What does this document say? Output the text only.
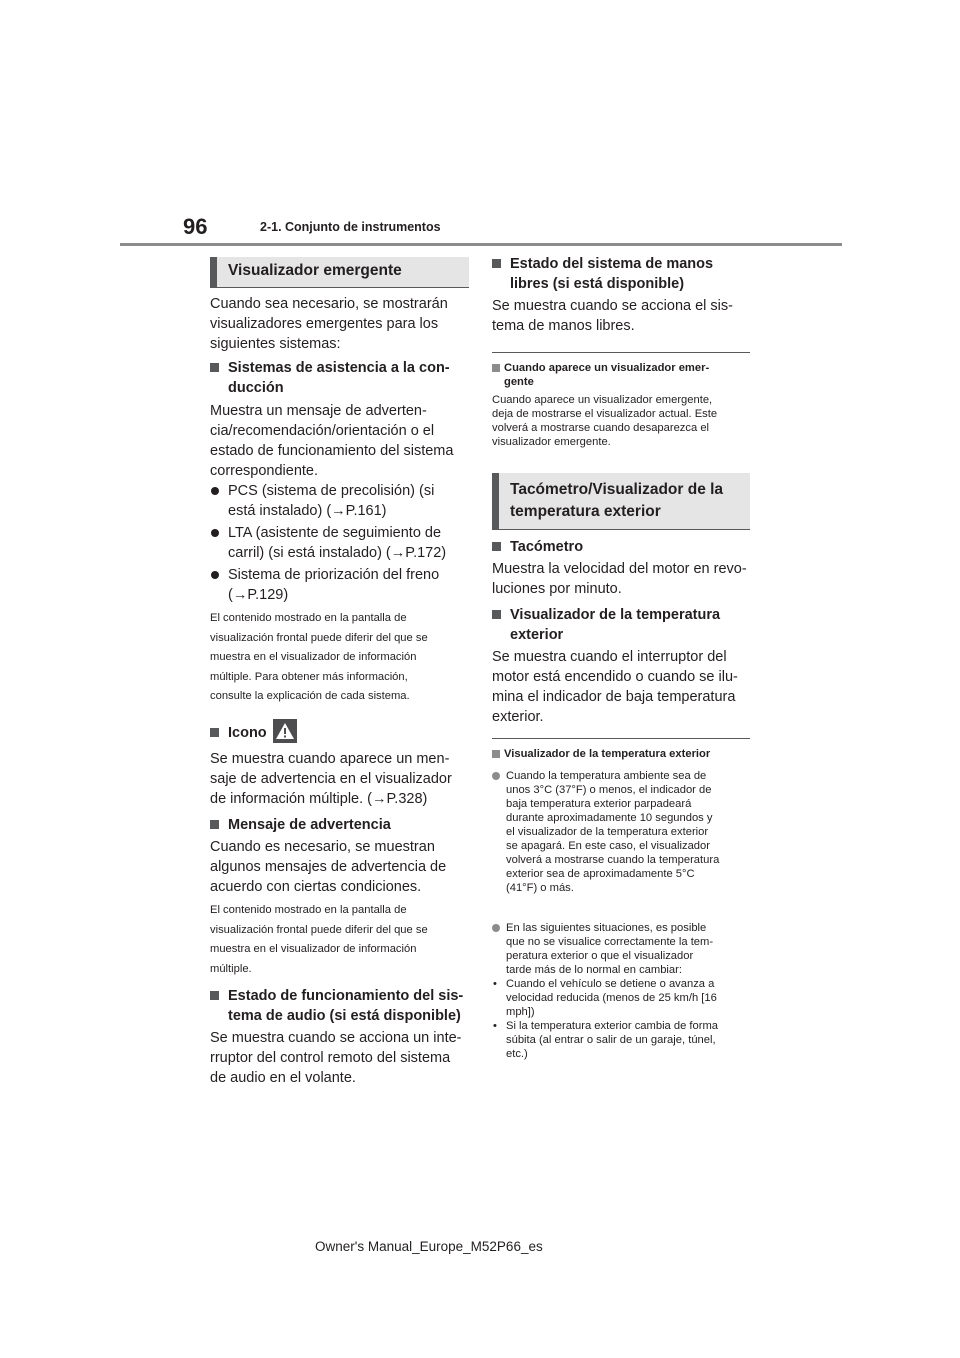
96	2-1. Conjunto de instrumentos
Visualizador emergente
Cuando sea necesario, se mostrarán
visualizadores emergentes para los
siguientes sistemas:
Sistemas de asistencia a la con-
ducción
Muestra un mensaje de adverten-
cia/recomendación/orientación o el
estado de funcionamiento del sistema
correspondiente.
PCS (sistema de precolisión) (si
está instalado) (→P.161)
LTA (asistente de seguimiento de
carril) (si está instalado) (→P.172)
Sistema de priorización del freno
(→P.129)
El contenido mostrado en la pantalla de
visualización frontal puede diferir del que se
muestra en el visualizador de información
múltiple. Para obtener más información,
consulte la explicación de cada sistema.
Icono
Se muestra cuando aparece un men-
saje de advertencia en el visualizador
de información múltiple. (→P.328)
Mensaje de advertencia
Cuando es necesario, se muestran
algunos mensajes de advertencia de
acuerdo con ciertas condiciones.
El contenido mostrado en la pantalla de
visualización frontal puede diferir del que se
muestra en el visualizador de información
múltiple.
Estado de funcionamiento del sis-
tema de audio (si está disponible)
Se muestra cuando se acciona un inte-
rruptor del control remoto del sistema
de audio en el volante.
Estado del sistema de manos
libres (si está disponible)
Se muestra cuando se acciona el sis-
tema de manos libres.
Cuando aparece un visualizador emer-
gente
Cuando aparece un visualizador emergente,
deja de mostrarse el visualizador actual. Este
volverá a mostrarse cuando desaparezca el
visualizador emergente.
Tacómetro/Visualizador de la
temperatura exterior
Tacómetro
Muestra la velocidad del motor en revo-
luciones por minuto.
Visualizador de la temperatura
exterior
Se muestra cuando el interruptor del
motor está encendido o cuando se ilu-
mina el indicador de baja temperatura
exterior.
Visualizador de la temperatura exterior
Cuando la temperatura ambiente sea de
unos 3°C (37°F) o menos, el indicador de
baja temperatura exterior parpadeará
durante aproximadamente 10 segundos y
el visualizador de la temperatura exterior
se apagará. En este caso, el visualizador
volverá a mostrarse cuando la temperatura
exterior sea de aproximadamente 5°C
(41°F) o más.
En las siguientes situaciones, es posible
que no se visualice correctamente la tem-
peratura exterior o que el visualizador
tarde más de lo normal en cambiar:
• Cuando el vehículo se detiene o avanza a
velocidad reducida (menos de 25 km/h [16
mph])
• Si la temperatura exterior cambia de forma
súbita (al entrar o salir de un garaje, túnel,
etc.)
Owner's Manual_Europe_M52P66_es
